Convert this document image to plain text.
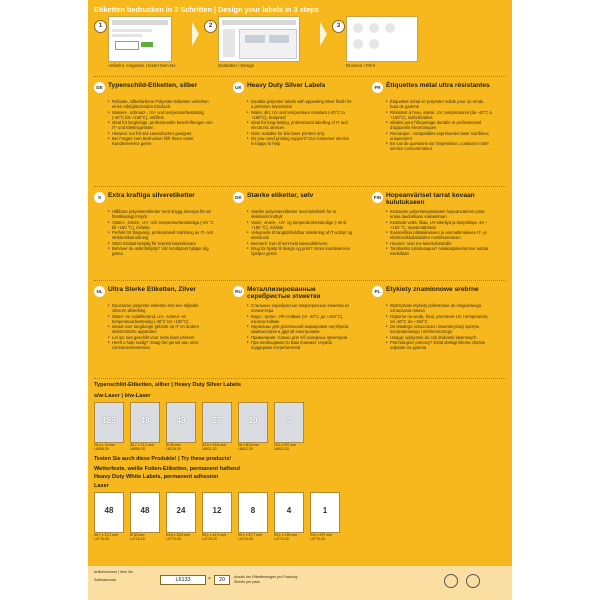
Etiketten bedrucken in 3 Schritten | Design your labels in 3 steps
1
Artikelnr. eingeben | Insert Item No.
2
Gestalten / Design
3
Drucken / Print
DE Typenschild-Etiketten, silber
▸ Robuste, silberfarbene Polyester-Etiketten verleihen einen edelglänzenden Eindruck
▸ Wasser-, schmutz-, UV- und temperaturbeständig (-40°C bis +150°C), reißfest
▸ Ideal für langlebige, professionelle Beschriftungen von IT- und Elektrogeräten
▸ Hinweis: nur für s/w Laserdrucker geeignet
▸ Bei Fragen zum Bedrucken hilft Ihnen unser Kundenservice gerne
UK Heavy Duty Silver Labels
▸ Durable polyester labels with appealing silver finish for a premium impression
▸ Water, dirt, UV and temperature resistant (-40°C to +150°C), tearproof
▸ Ideal for long-lasting, professional labelling of IT and electronic devices
▸ Note: suitable for b/w laser printers only
▸ Do you need printing support? Our consumer service is happy to help
FR Étiquettes métal ultra résistantes
▸ Étiquettes métal en polyester solide pour un rendu haut de gamme
▸ Résistent à l'eau, saleté, UV, températures (de -40°C à +150°C), indéchirables
▸ Idéales pour l'étiquetage durable et professionnel d'appareils électroniques
▸ Remarque : compatibles imprimantes laser noir/blanc uniquement
▸ En cas de questions sur l'impression, contactez notre service consommateur
S	Extra kraftiga silveretiketter
▸ Hållbara polyesteretiketter med snygg silveryta för ett förstklassigt intryck
▸ Vatten-, smuts-, UV- och temperaturbeständiga (-40 °C till +150 °C), rivfasta
▸ Perfekt för långvarig, professionell märkning av IT- och elektronikutrustning
▸ OBS! Endast lämplig för svartvit laserskrivare
▸ Behöver du utskriftshjälp? Vår kundtjänst hjälper dig gärna
DK Stærke etiketter, sølv
▸ Stærke polyesteretiketter med sølvfinish for et eksklusivt indtryk
▸ Vand-, snavs-, UV- og temperaturbestandige (-40 til +150 °C), rivfaste
▸ Velegnede til langtidsholdbar mærkning af IT-udstyr og elektronik
▸ Bemærk: Kun til sort-hvid laserudskrivere
▸ Brug for hjælp til design og print? Vores kundeservice hjælper gerne
FIN Hopeanväriset tarrat kovaan kulutukseen
▸ Kestävien polyesteripintaisten hopeanvärinen pinta antaa laadukkaan vaikutelman
▸ Kestävät vettä, likaa, UV-säteilyä ja lämpötiloja -40 – +150 °C, repeämättömät
▸ Ihanteellisia pitkäaikaiseen ja ammattimaiseen IT- ja elektroniikkalaitteiden merkitsemiseen
▸ Huomio: Vain mv-lasertulostimille
▸ Tarvitsetko tulostusapua? Asiakaspalvelumme auttaa mielellään
NL Ultra Sterke Etiketten, Zilver
▸ Duurzame polyester etiketten met een stijlvolle zilveren afwerking
▸ Water- en vuilafstotend, UV-, scheur- en temperatuurbestendig (-40°C tot +150°C)
▸ Ideaal voor langdurige gebruik op IT en andere elektronische apparaten
▸ Let op: niet geschikt voor zw/w laser printers
▸ Heeft u hulp nodig? Vraag het gerust aan onze consumentenservice
RU Металлизированные серебристые этикетки
▸ Стильные серебристые сверхпрочные этикетки из полиэстера
▸ Водо-, грязе-, УФ-стойкие (от -40°C до +150°C), износостойкие
▸ Идеальны для длительной маркировки ноутбуков, компьютеров и другой электроники
▸ Примечание: только для ч/б лазерных принтеров
▸ При необходимости Вам поможет служба поддержки потребителей
PL Etykiety znamionowe srebrne
▸ Wytrzymałe etykiety poliestrowe do eleganckiego oznaczania mienia
▸ Odporne na wodę, brud, promienie UV i temperaturę od -40°C do +150°C
▸ Do trwałego oznaczania i inwentaryzacji sprzętu komputerowego i elektronicznego
▸ Uwaga: wyłącznie do czb drukarek laserowych
▸ Potrzebujesz pomocy? Dział obsługi klienta chętnie odpowie na pytania
Typenschild-Etiketten, silber | Heavy Duty Silver Labels
s/w-Laser | b/w-Laser
189
25,4 x 10 mm
L6008-20
48
45,7 x 21,2 mm
L6009-20
48
Ø 30 mm
L6129-20
27
63,5 x 29,6 mm
L6011-20
10
96 x 50,8 mm
L6012-20
1
210 x 297 mm
L6013-20
Testen Sie auch diese Produkte! | Try these products!
Wetterfeste, weiße Folien-Etiketten, permanent haftend
Heavy Duty White Labels, permanent adhesion
Laser
48
45,7 x 21,2 mm
L4778-20
48
Ø 30 mm
L4716-20
24
63,5 x 33,9 mm
L4773-20
12
99,1 x 42,3 mm
L4776-20
8
99,1 x 67,7 mm
L4715-20
4
99,1 x 139 mm
L4774-20
1
210 x 297 mm
L4775-20
Artikelnummer | Item No.
Softwarecode	L6133	×	20	Anzahl der Etikettenbogen pro Packung
Sheets per pack
